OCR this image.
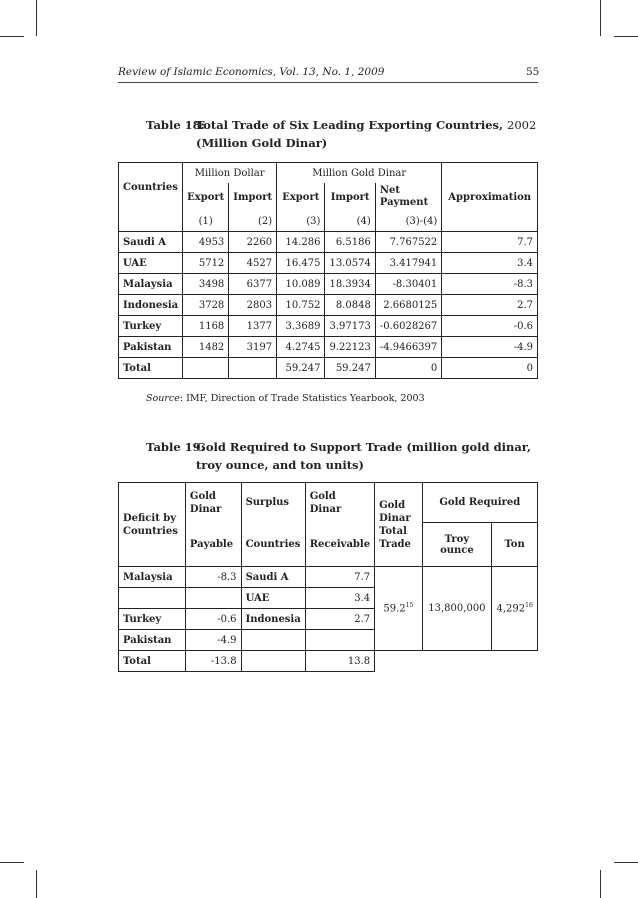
Review of Islamic Economics, Vol. 13, No. 1, 2009	55
Table 18:
Total Trade of Six Leading Exporting Countries, 2002
(Million Gold Dinar)
Countries	Million Dollar		Million Gold Dinar			Approximation
	Export	Import	Export	Import	Net Payment	
	(1)	(2)	(3)	(4)	(3)-(4)	
Saudi A	4953	2260	14.286	6.5186	7.767522	7.7
UAE	5712	4527	16.475	13.0574	3.417941	3.4
Malaysia	3498	6377	10.089	18.3934	-8.30401	-8.3
Indonesia	3728	2803	10.752	8.0848	2.6680125	2.7
Turkey	1168	1377	3.3689	3.97173	-0.6028267	-0.6
Pakistan	1482	3197	4.2745	9.22123	-4.9466397	-4.9
Total			59.247	59.247	0	0
Source: IMF, Direction of Trade Statistics Yearbook, 2003
Table 19:
Gold Required to Support Trade (million gold dinar, troy ounce, and ton units)
Deficit by Countries	Gold Dinar	Surplus	Gold Dinar	Gold Dinar Total Trade	Gold Required	
	Payable	Countries	Receivable		Troy ounce	Ton
Malaysia	-8.3	Saudi A	7.7	59.2$^{15}$	13,800,000	4,292$^{16}$
		UAE	3.4			
Turkey	-0.6	Indonesia	2.7			
Pakistan	-4.9					
Total	-13.8		13.8			
